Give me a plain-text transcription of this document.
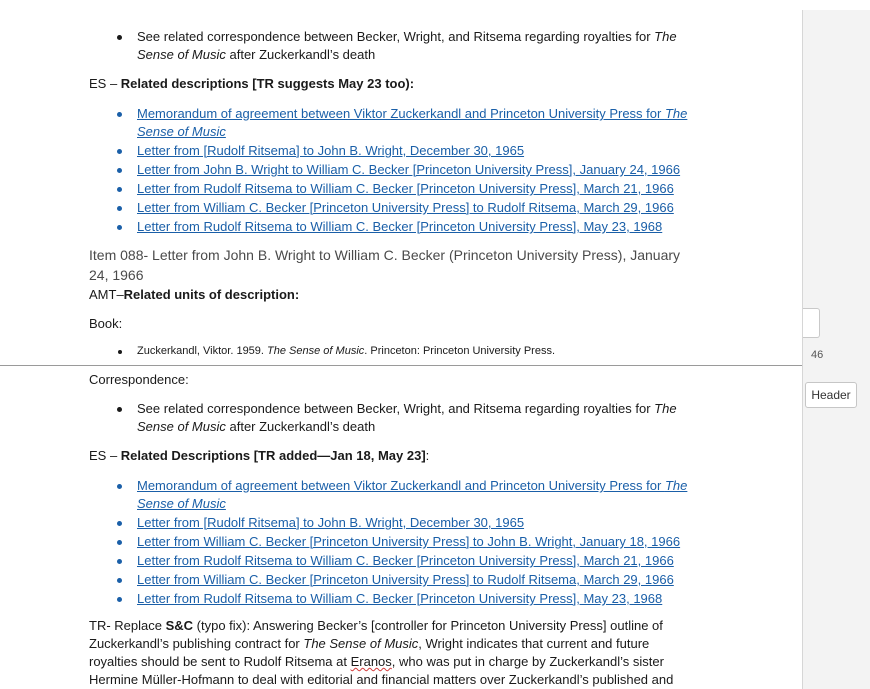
See related correspondence between Becker, Wright, and Ritsema regarding royalties for The
Sense of Music after Zuckerkandl’s death
ES – Related descriptions [TR suggests May 23 too):
Memorandum of agreement between Viktor Zuckerkandl and Princeton University Press for The
Sense of Music
Letter from [Rudolf Ritsema] to John B. Wright, December 30, 1965
Letter from John B. Wright to William C. Becker [Princeton University Press], January 24, 1966
Letter from Rudolf Ritsema to William C. Becker [Princeton University Press], March 21, 1966
Letter from William C. Becker [Princeton University Press] to Rudolf Ritsema, March 29, 1966
Letter from Rudolf Ritsema to William C. Becker [Princeton University Press], May 23, 1968
Item 088- Letter from John B. Wright to William C. Becker (Princeton University Press), January
24, 1966
AMT–Related units of description:
Book:
Zuckerkandl, Viktor. 1959. The Sense of Music. Princeton: Princeton University Press.
Correspondence:
See related correspondence between Becker, Wright, and Ritsema regarding royalties for The
Sense of Music after Zuckerkandl’s death
ES – Related Descriptions [TR added—Jan 18, May 23]:
Memorandum of agreement between Viktor Zuckerkandl and Princeton University Press for The
Sense of Music
Letter from [Rudolf Ritsema] to John B. Wright, December 30, 1965
Letter from William C. Becker [Princeton University Press] to John B. Wright, January 18, 1966
Letter from Rudolf Ritsema to William C. Becker [Princeton University Press], March 21, 1966
Letter from William C. Becker [Princeton University Press] to Rudolf Ritsema, March 29, 1966
Letter from Rudolf Ritsema to William C. Becker [Princeton University Press], May 23, 1968
TR- Replace S&C (typo fix): Answering Becker’s [controller for Princeton University Press] outline of
Zuckerkandl’s publishing contract for The Sense of Music, Wright indicates that current and future
royalties should be sent to Rudolf Ritsema at Eranos, who was put in charge by Zuckerkandl’s sister
Hermine Müller-Hofmann to deal with editorial and financial matters over Zuckerkandl’s published and
46
Header
